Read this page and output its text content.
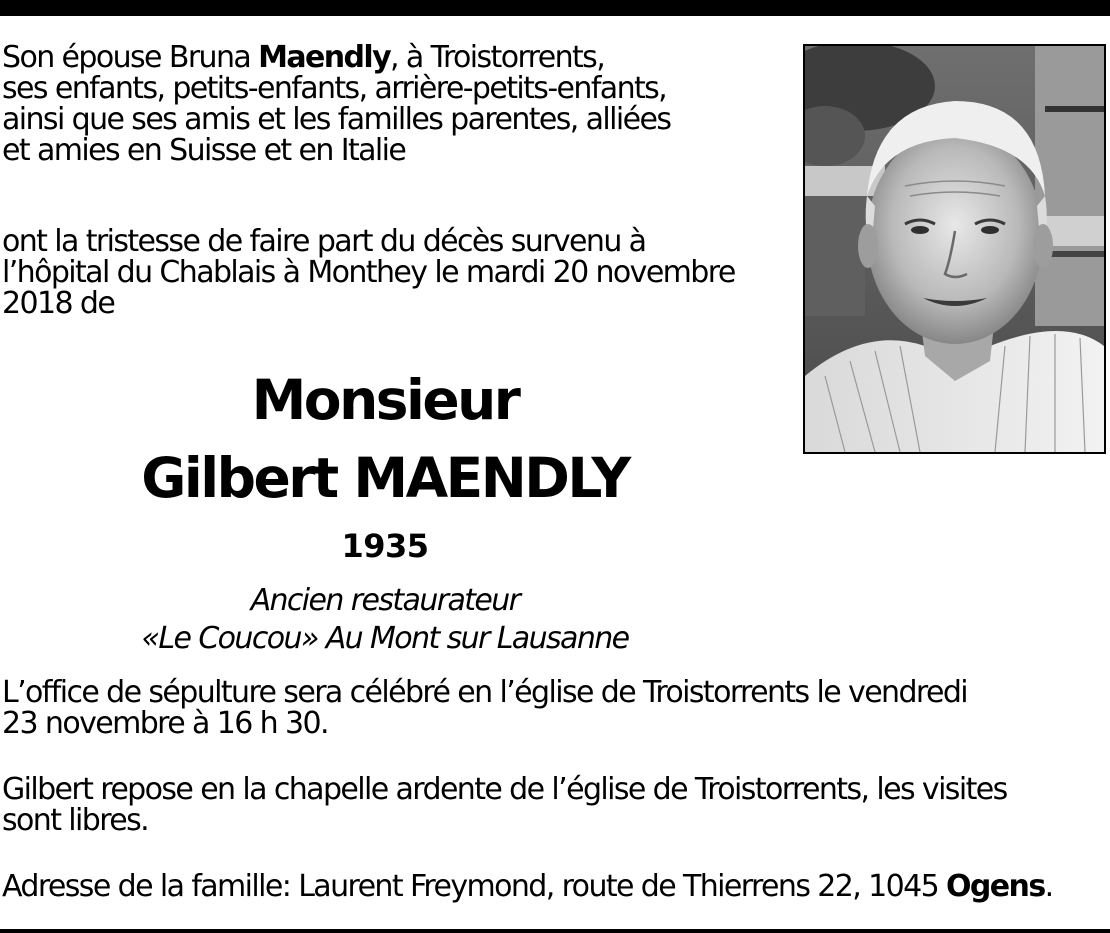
Son épouse Bruna Maendly, à Troistorrents,
ses enfants, petits-enfants, arrière-petits-enfants,
ainsi que ses amis et les familles parentes, alliées
et amies en Suisse et en Italie
ont la tristesse de faire part du décès survenu à
l’hôpital du Chablais à Monthey le mardi 20 novembre
2018 de
Monsieur
Gilbert MAENDLY
1935
Ancien restaurateur
«Le Coucou» Au Mont sur Lausanne
L’office de sépulture sera célébré en l’église de Troistorrents le vendredi
23 novembre à 16 h 30.
Gilbert repose en la chapelle ardente de l’église de Troistorrents, les visites
sont libres.
Adresse de la famille: Laurent Freymond, route de Thierrens 22, 1045 Ogens.
